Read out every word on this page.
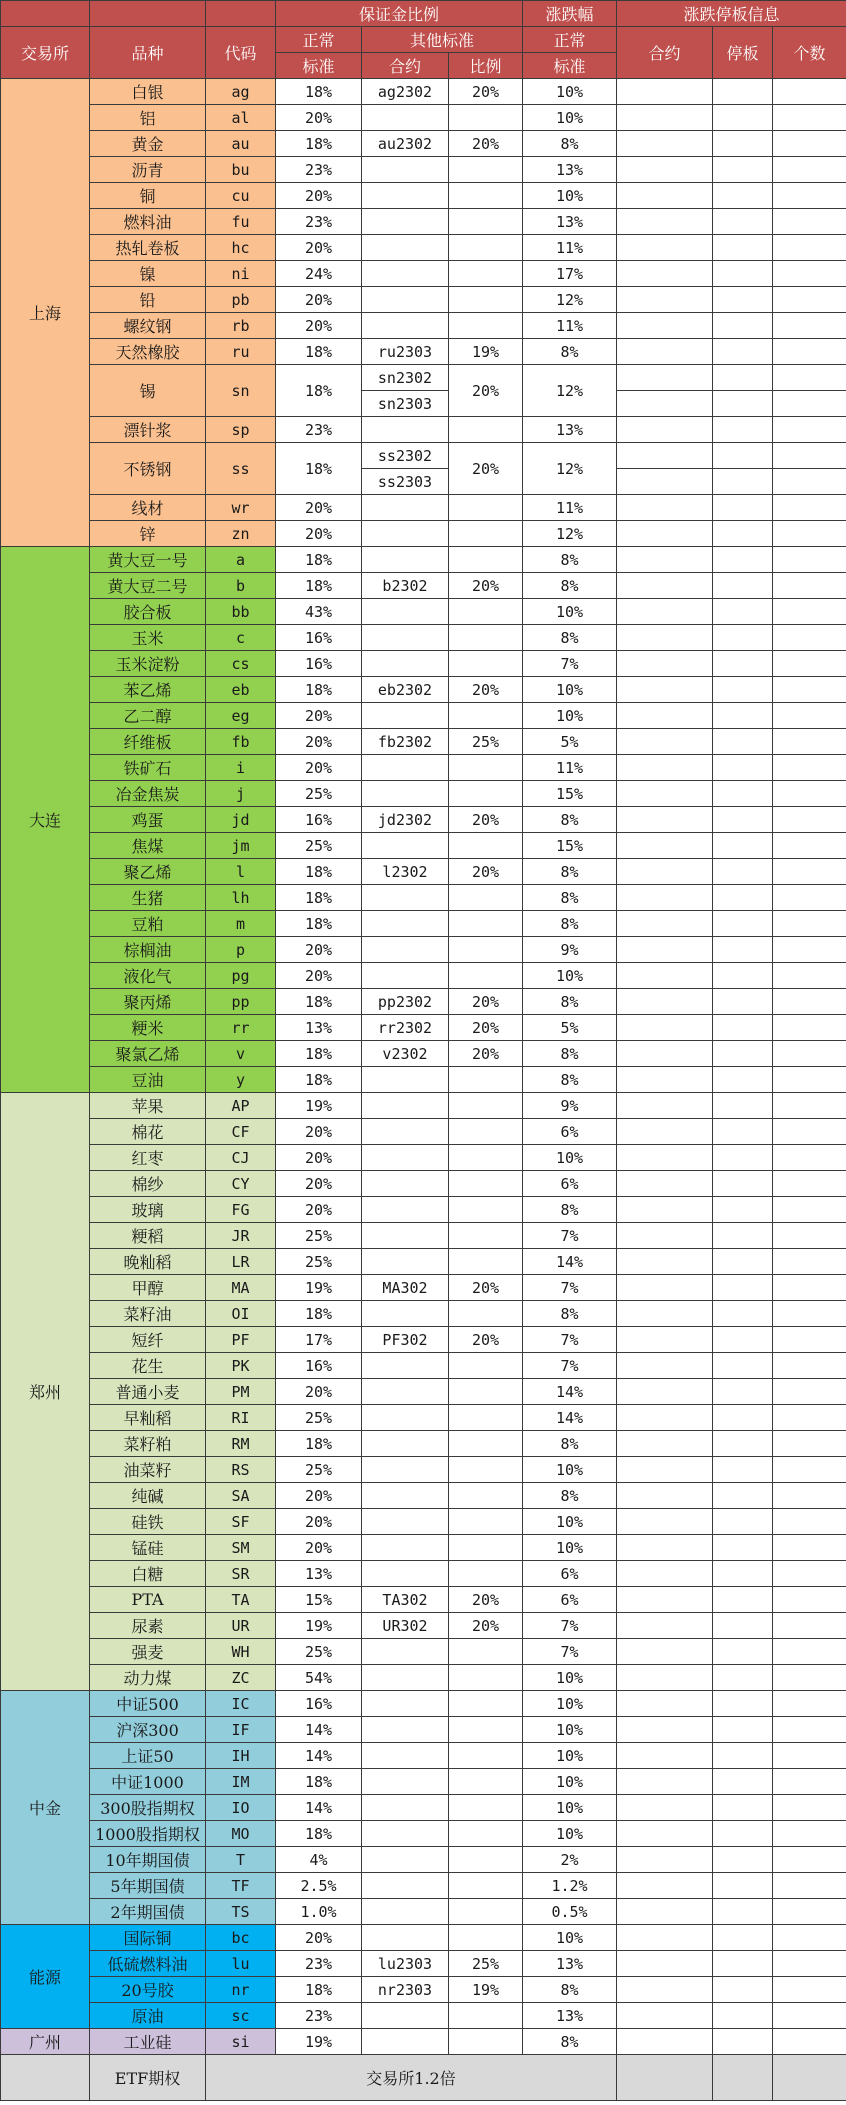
			保证金比例			涨跌幅	涨跌停板信息		
交易所	品种	代码	正常	其他标准		正常	合约	停板	个数
			标准	合约	比例	标准			
上海	白银	ag	18%	ag2302	20%	10%			
	铝	al	20%			10%			
	黄金	au	18%	au2302	20%	8%			
	沥青	bu	23%			13%			
	铜	cu	20%			10%			
	燃料油	fu	23%			13%			
	热轧卷板	hc	20%			11%			
	镍	ni	24%			17%			
	铅	pb	20%			12%			
	螺纹钢	rb	20%			11%			
	天然橡胶	ru	18%	ru2303	19%	8%			
	锡	sn	18%	sn2302	20%	12%			
				sn2303					
	漂针浆	sp	23%			13%			
	不锈钢	ss	18%	ss2302	20%	12%			
				ss2303					
	线材	wr	20%			11%			
	锌	zn	20%			12%			
大连	黄大豆一号	a	18%			8%			
	黄大豆二号	b	18%	b2302	20%	8%			
	胶合板	bb	43%			10%			
	玉米	c	16%			8%			
	玉米淀粉	cs	16%			7%			
	苯乙烯	eb	18%	eb2302	20%	10%			
	乙二醇	eg	20%			10%			
	纤维板	fb	20%	fb2302	25%	5%			
	铁矿石	i	20%			11%			
	冶金焦炭	j	25%			15%			
	鸡蛋	jd	16%	jd2302	20%	8%			
	焦煤	jm	25%			15%			
	聚乙烯	l	18%	l2302	20%	8%			
	生猪	lh	18%			8%			
	豆粕	m	18%			8%			
	棕榈油	p	20%			9%			
	液化气	pg	20%			10%			
	聚丙烯	pp	18%	pp2302	20%	8%			
	粳米	rr	13%	rr2302	20%	5%			
	聚氯乙烯	v	18%	v2302	20%	8%			
	豆油	y	18%			8%			
郑州	苹果	AP	19%			9%			
	棉花	CF	20%			6%			
	红枣	CJ	20%			10%			
	棉纱	CY	20%			6%			
	玻璃	FG	20%			8%			
	粳稻	JR	25%			7%			
	晚籼稻	LR	25%			14%			
	甲醇	MA	19%	MA302	20%	7%			
	菜籽油	OI	18%			8%			
	短纤	PF	17%	PF302	20%	7%			
	花生	PK	16%			7%			
	普通小麦	PM	20%			14%			
	早籼稻	RI	25%			14%			
	菜籽粕	RM	18%			8%			
	油菜籽	RS	25%			10%			
	纯碱	SA	20%			8%			
	硅铁	SF	20%			10%			
	锰硅	SM	20%			10%			
	白糖	SR	13%			6%			
	PTA	TA	15%	TA302	20%	6%			
	尿素	UR	19%	UR302	20%	7%			
	强麦	WH	25%			7%			
	动力煤	ZC	54%			10%			
中金	中证500	IC	16%			10%			
	沪深300	IF	14%			10%			
	上证50	IH	14%			10%			
	中证1000	IM	18%			10%			
	300股指期权	IO	14%			10%			
	1000股指期权	MO	18%			10%			
	10年期国债	T	4%			2%			
	5年期国债	TF	2.5%			1.2%			
	2年期国债	TS	1.0%			0.5%			
能源	国际铜	bc	20%			10%			
	低硫燃料油	lu	23%	lu2303	25%	13%			
	20号胶	nr	18%	nr2303	19%	8%			
	原油	sc	23%			13%			
广州	工业硅	si	19%			8%			
	ETF期权	交易所1.2倍							
